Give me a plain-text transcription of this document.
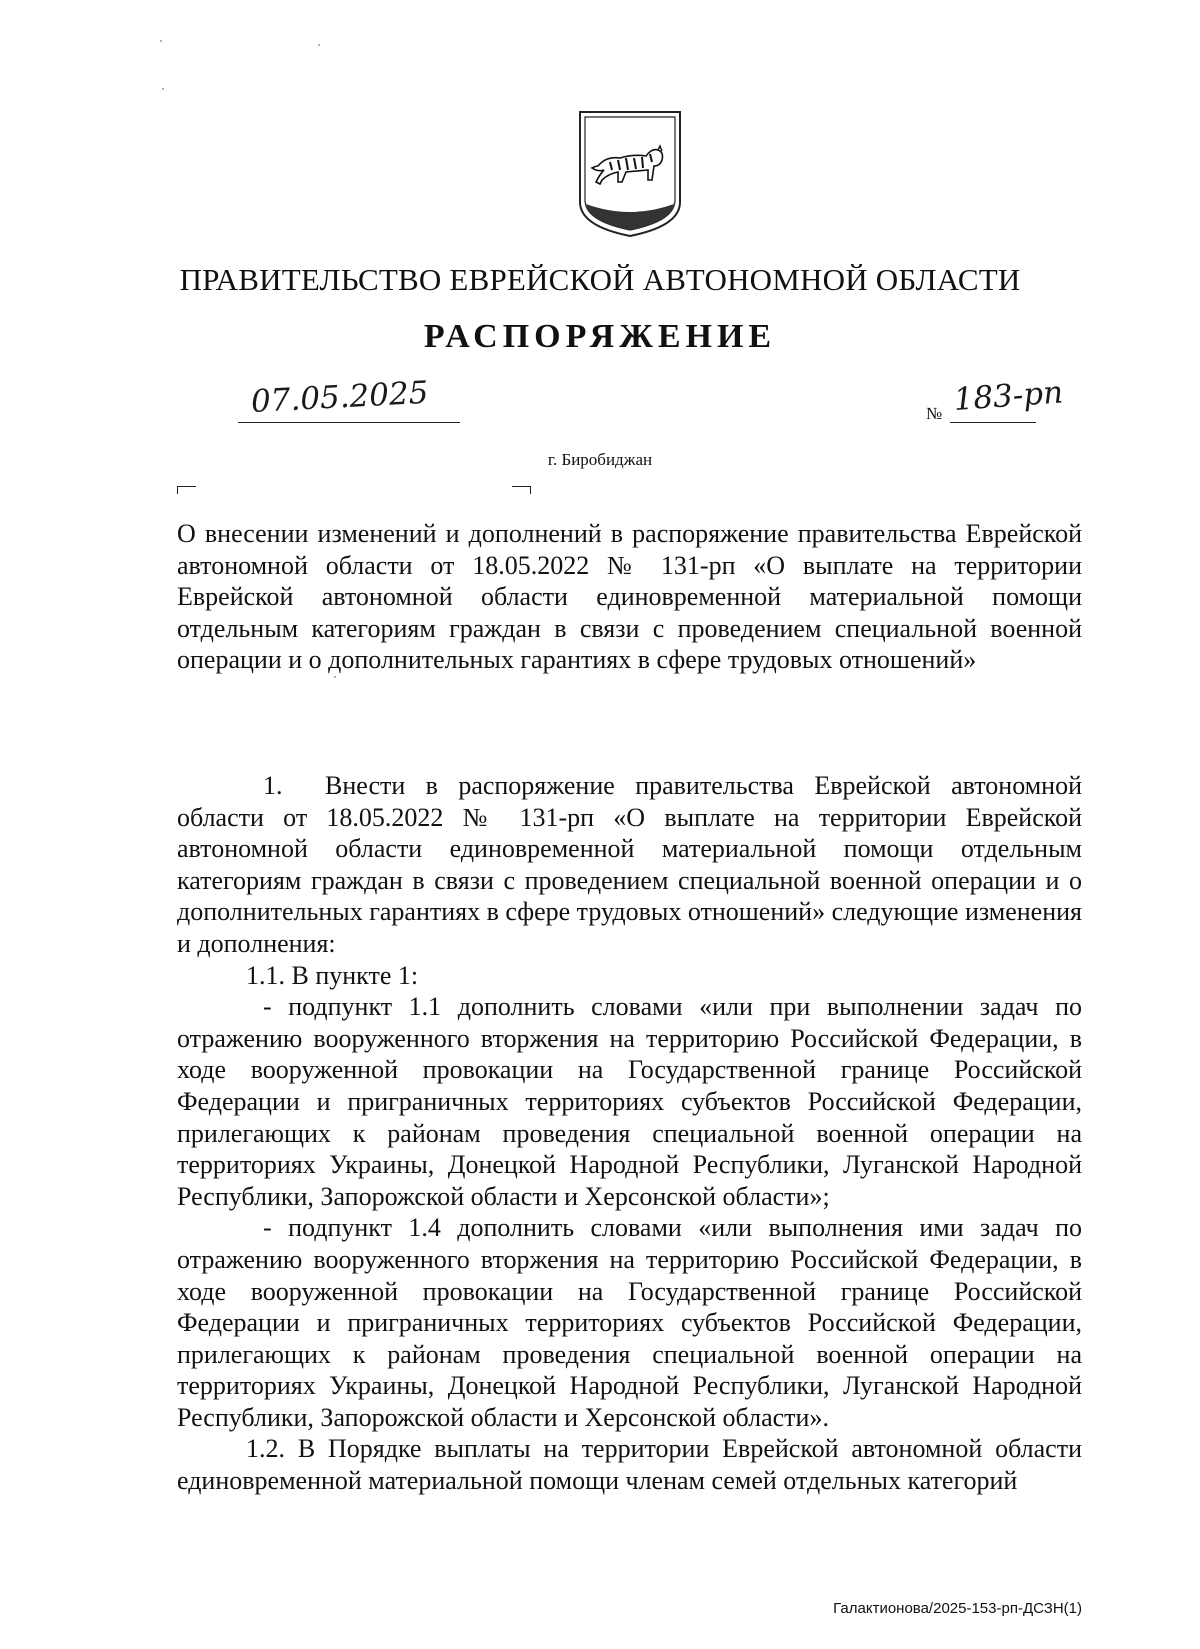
ПРАВИТЕЛЬСТВО ЕВРЕЙСКОЙ АВТОНОМНОЙ ОБЛАСТИ
РАСПОРЯЖЕНИЕ
07.05.2025	№ 183-рп
г. Биробиджан
О внесении изменений и дополнений в распоряжение правительства Еврейской автономной области от 18.05.2022 № 131-рп «О выплате на территории Еврейской автономной области единовременной материальной помощи отдельным категориям граждан в связи с проведением специальной военной операции и о дополнительных гарантиях в сфере трудовых отношений»

1. Внести в распоряжение правительства Еврейской автономной области от 18.05.2022 № 131-рп «О выплате на территории Еврейской автономной области единовременной материальной помощи отдельным категориям граждан в связи с проведением специальной военной операции и о дополнительных гарантиях в сфере трудовых отношений» следующие изменения и дополнения:

1.1. В пункте 1:

- подпункт 1.1 дополнить словами «или при выполнении задач по отражению вооруженного вторжения на территорию Российской Федерации, в ходе вооруженной провокации на Государственной границе Российской Федерации и приграничных территориях субъектов Российской Федерации, прилегающих к районам проведения специальной военной операции на территориях Украины, Донецкой Народной Республики, Луганской Народной Республики, Запорожской области и Херсонской области»;

- подпункт 1.4 дополнить словами «или выполнения ими задач по отражению вооруженного вторжения на территорию Российской Федерации, в ходе вооруженной провокации на Государственной границе Российской Федерации и приграничных территориях субъектов Российской Федерации, прилегающих к районам проведения специальной военной операции на территориях Украины, Донецкой Народной Республики, Луганской Народной Республики, Запорожской области и Херсонской области».

1.2. В Порядке выплаты на территории Еврейской автономной области единовременной материальной помощи членам семей отдельных категорий

Галактионова/2025-153-рп-ДСЗН(1)
